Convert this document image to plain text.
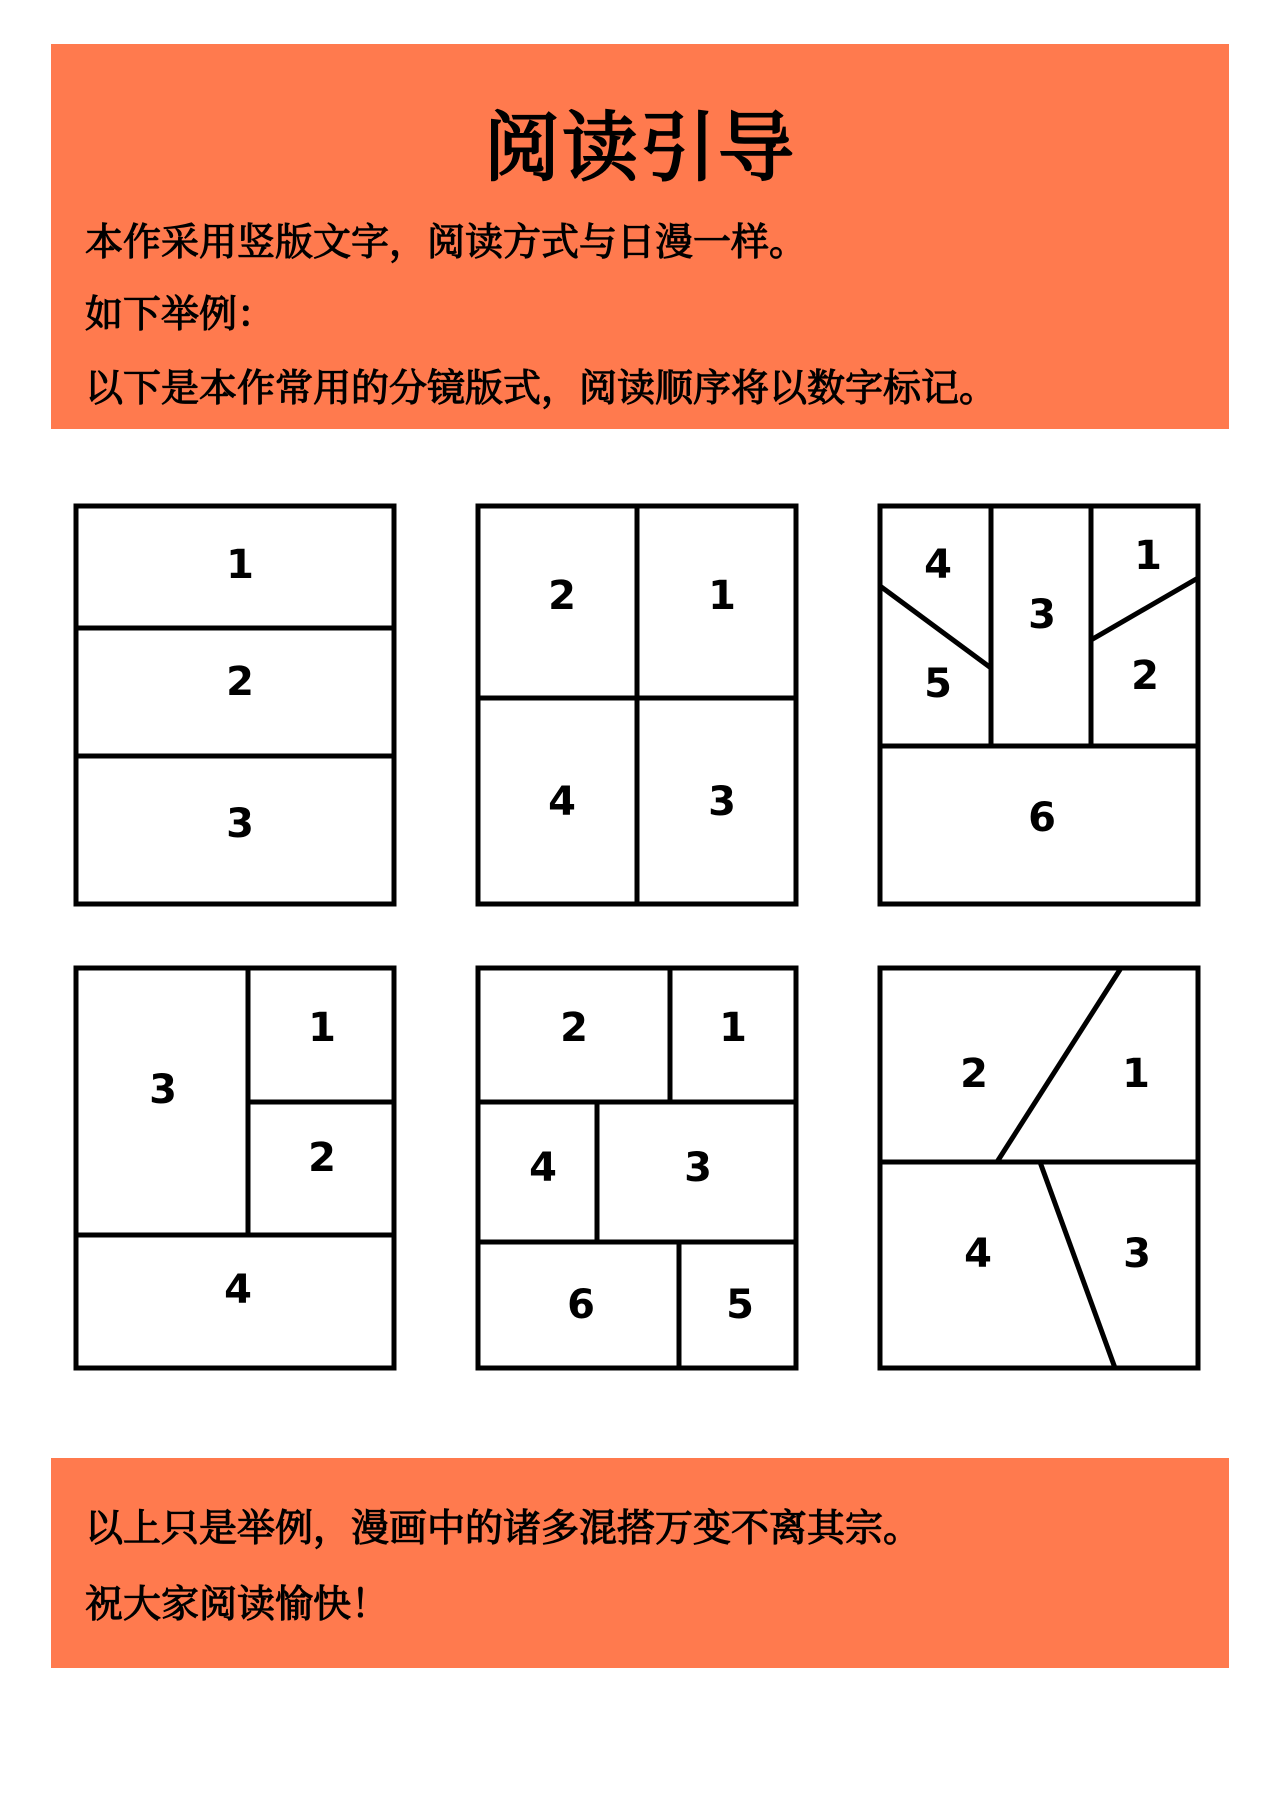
阅读引导
本作采用竖版文字，阅读方式与日漫一样。
如下举例：
以下是本作常用的分镜版式，阅读顺序将以数字标记。
1
2
3
1
2
3
4
1
2
3
4
5
6
1
2
3
4
1
2
3
4
5
6
1
2
3
4
以上只是举例，漫画中的诸多混搭万变不离其宗。
祝大家阅读愉快！
